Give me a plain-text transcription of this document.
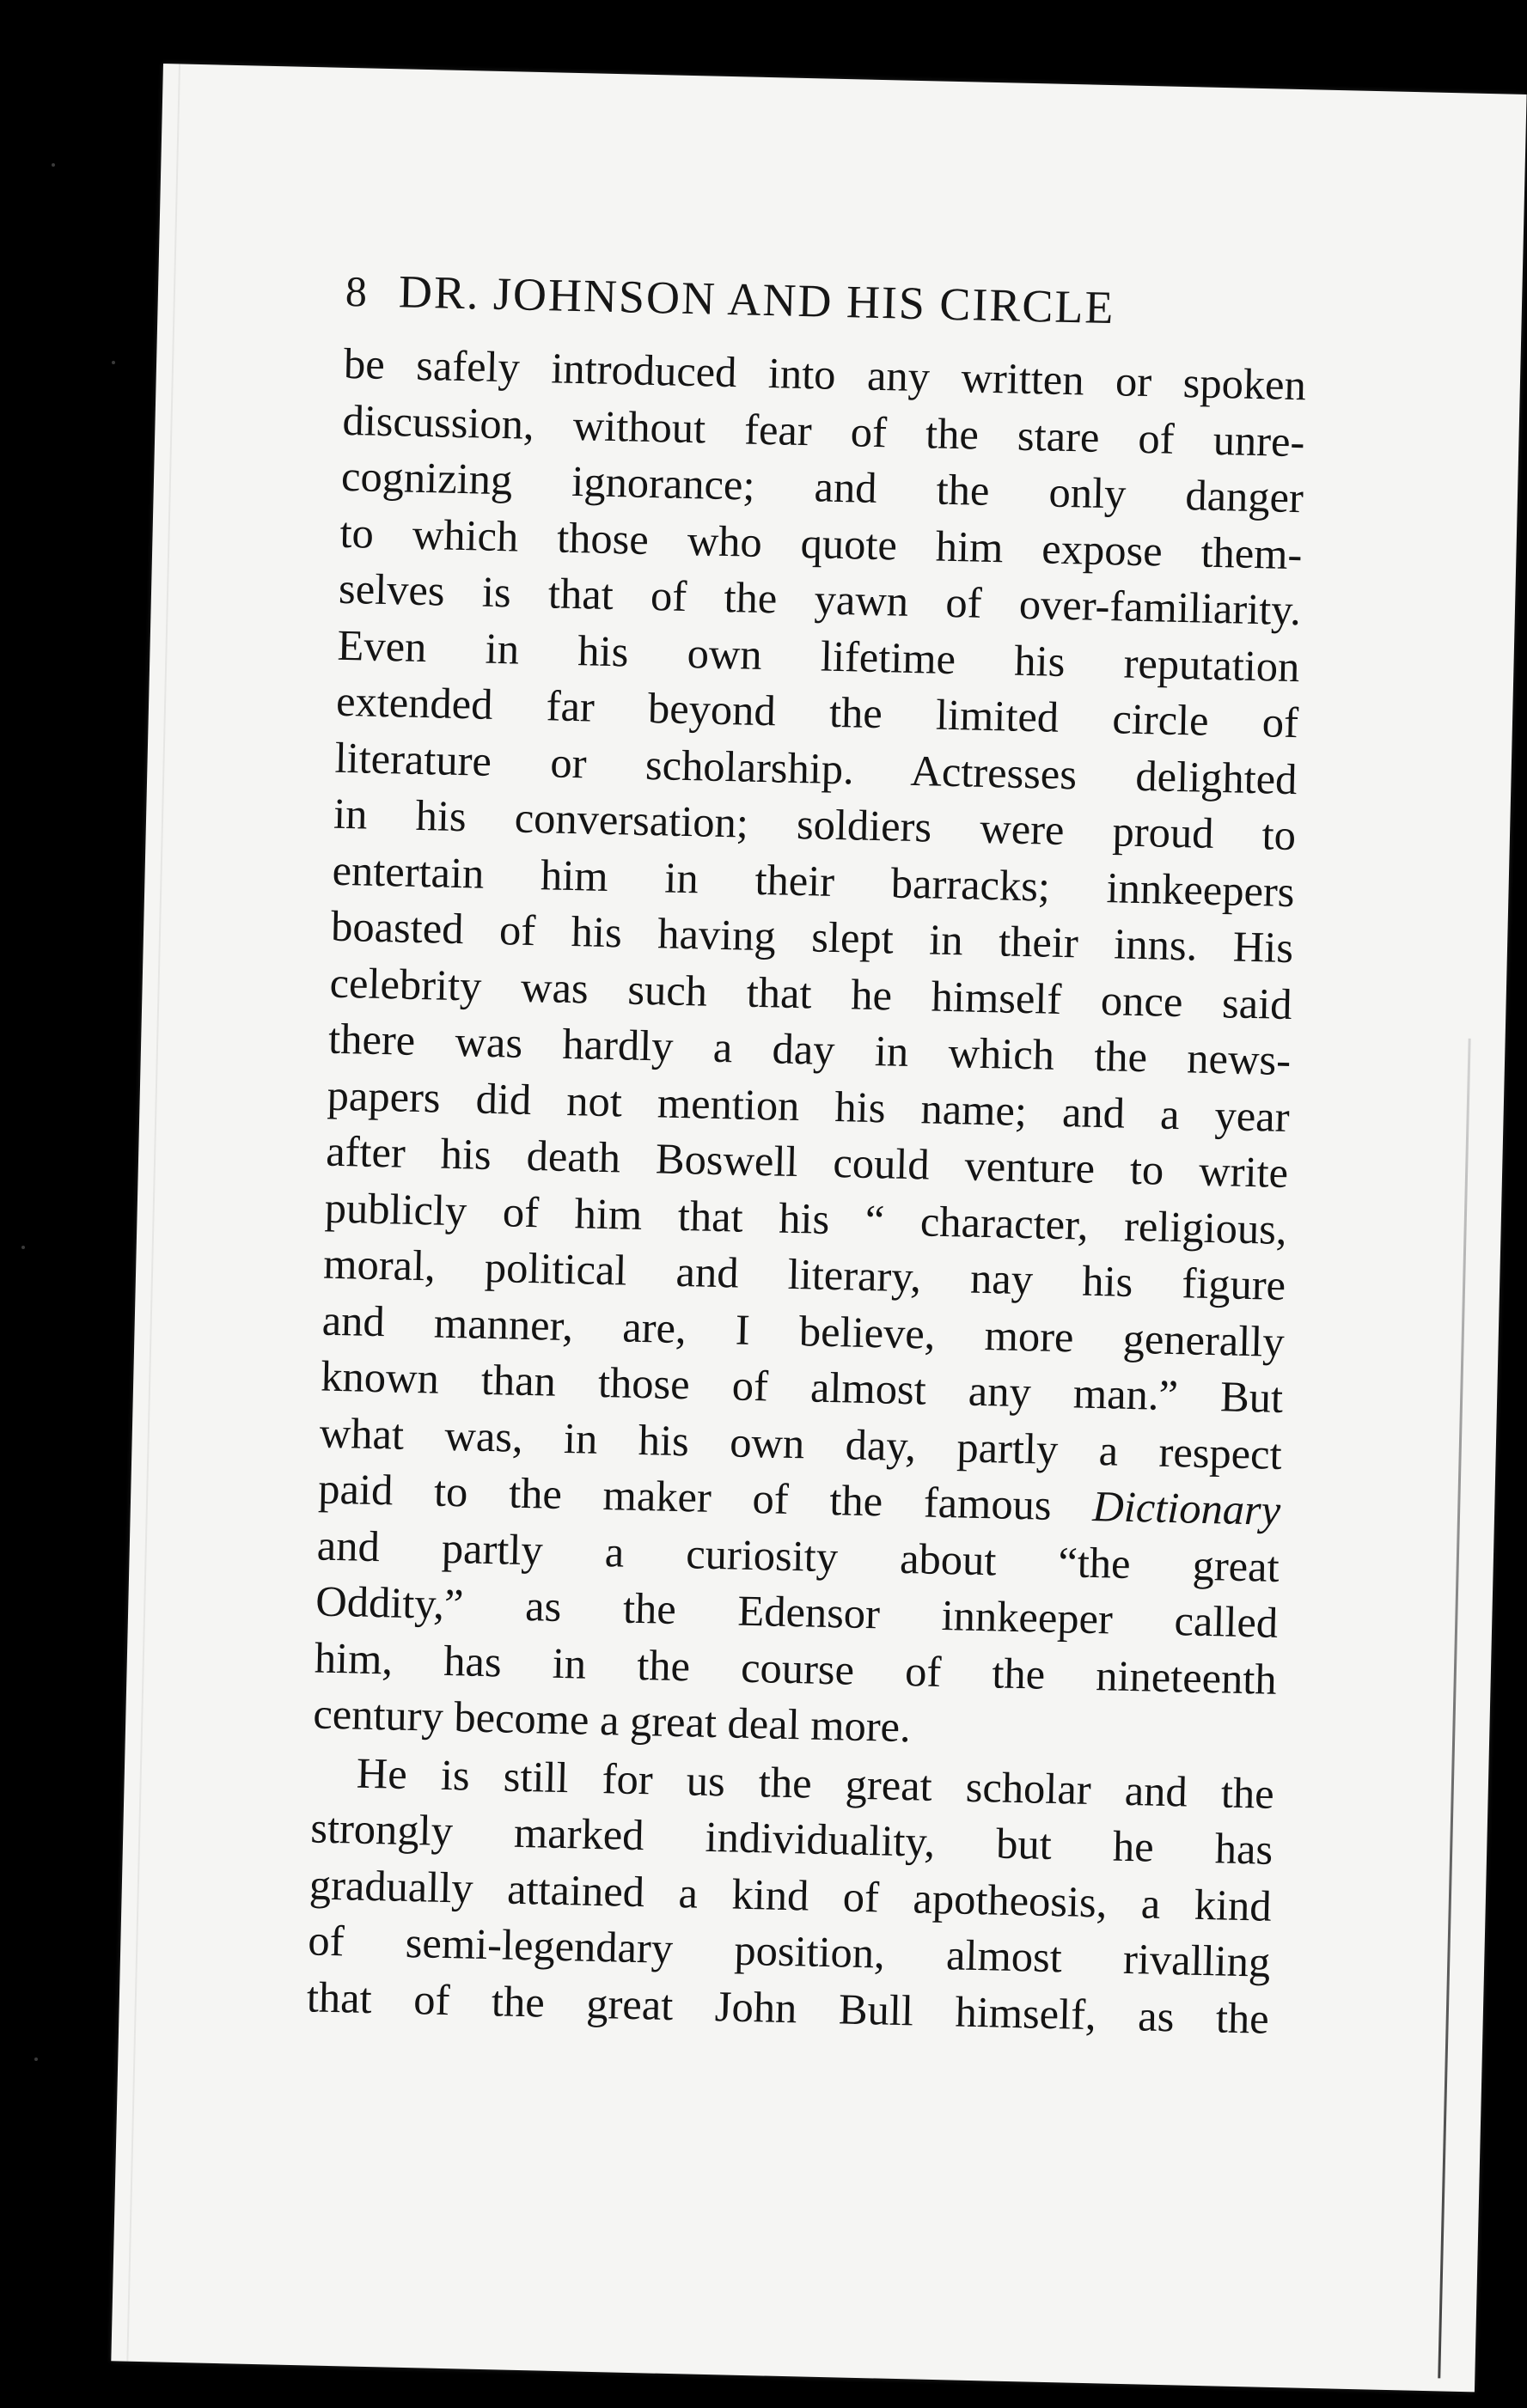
8 DR. JOHNSON AND HIS CIRCLE
be safely introduced into any written or spoken
discussion, without fear of the stare of unre-
cognizing ignorance; and the only danger
to which those who quote him expose them-
selves is that of the yawn of over-familiarity.
Even in his own lifetime his reputation
extended far beyond the limited circle of
literature or scholarship. Actresses delighted
in his conversation; soldiers were proud to
entertain him in their barracks; innkeepers
boasted of his having slept in their inns. His
celebrity was such that he himself once said
there was hardly a day in which the news-
papers did not mention his name; and a year
after his death Boswell could venture to write
publicly of him that his “ character, religious,
moral, political and literary, nay his figure
and manner, are, I believe, more generally
known than those of almost any man.” But
what was, in his own day, partly a respect
paid to the maker of the famous Dictionary
and partly a curiosity about “the great
Oddity,” as the Edensor innkeeper called
him, has in the course of the nineteenth
century become a great deal more.
He is still for us the great scholar and the
strongly marked individuality, but he has
gradually attained a kind of apotheosis, a kind
of semi-legendary position, almost rivalling
that of the great John Bull himself, as the
